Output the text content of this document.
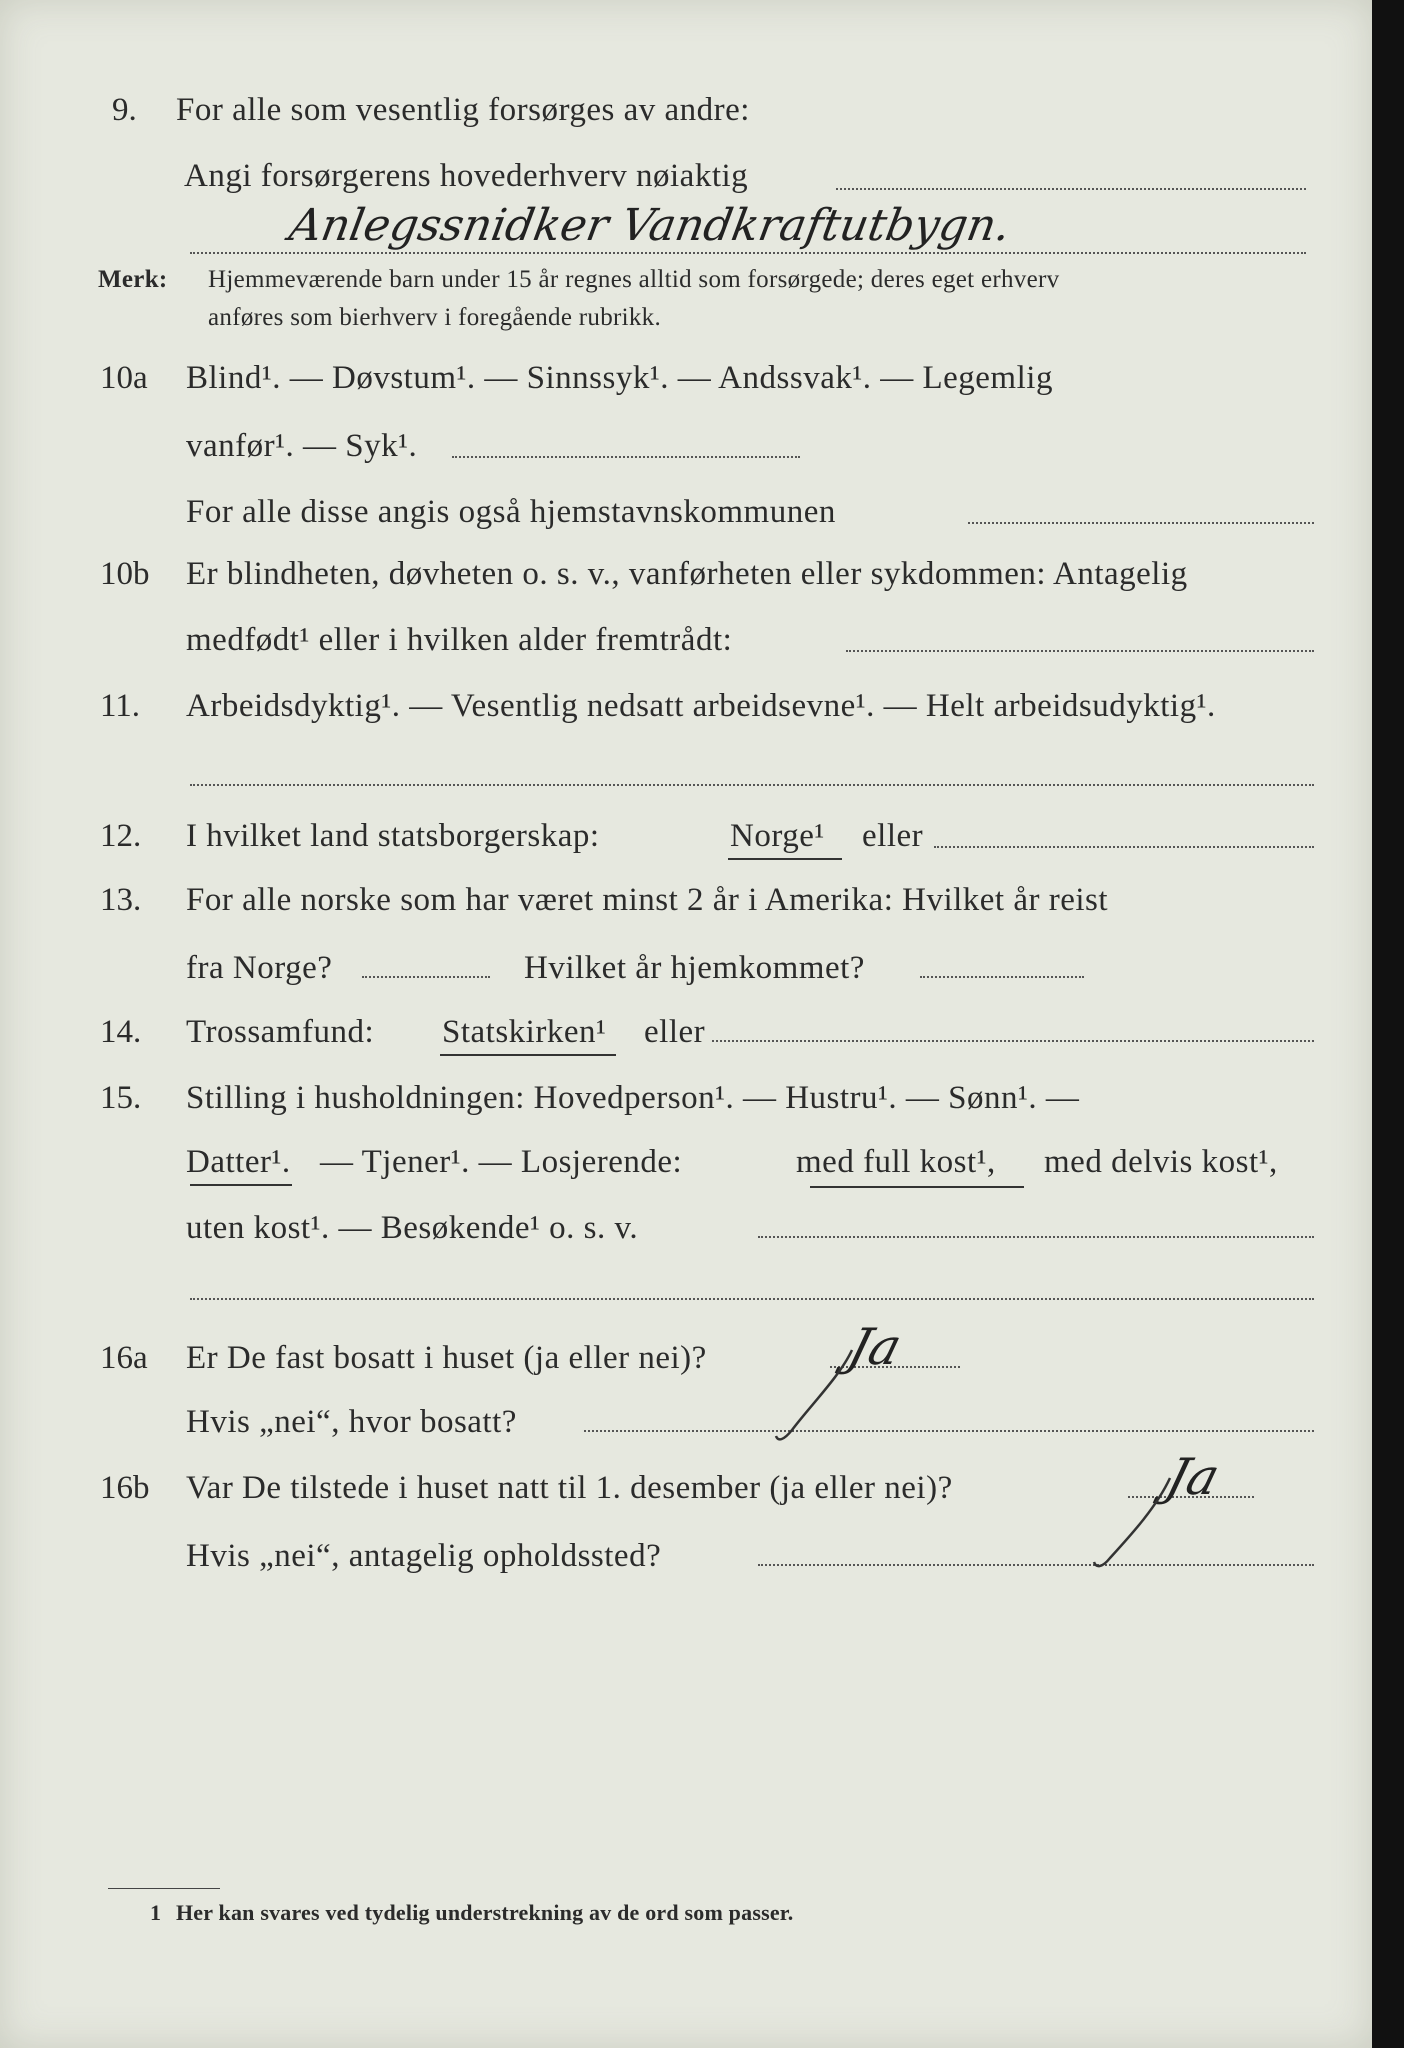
9. For alle som vesentlig forsørges av andre:
Angi forsørgerens hovederhverv nøiaktig
Anlegssnidker Vandkraftutbygn.
Merk: Hjemmeværende barn under 15 år regnes alltid som forsørgede; deres eget erhverv
anføres som bierhverv i foregående rubrikk.
10a Blind¹. — Døvstum¹. — Sinnssyk¹. — Andssvak¹. — Legemlig
vanfør¹. — Syk¹.
For alle disse angis også hjemstavnskommunen
10b Er blindheten, døvheten o. s. v., vanførheten eller sykdommen: Antagelig
medfødt¹ eller i hvilken alder fremtrådt:
11. Arbeidsdyktig¹. — Vesentlig nedsatt arbeidsevne¹. — Helt arbeidsudyktig¹.
12. I hvilket land statsborgerskap:	Norge¹ eller
13. For alle norske som har været minst 2 år i Amerika: Hvilket år reist
fra Norge?	Hvilket år hjemkommet?
14. Trossamfund: Statskirken¹ eller
15. Stilling i husholdningen: Hovedperson¹. — Hustru¹. — Sønn¹. —
Datter¹. — Tjener¹. — Losjerende:	med full kost¹, med delvis kost¹,
uten kost¹. — Besøkende¹ o. s. v.
16a Er De fast bosatt i huset (ja eller nei)?	Ja
Hvis „nei“, hvor bosatt?
16b Var De tilstede i huset natt til 1. desember (ja eller nei)?	Ja
Hvis „nei“, antagelig opholdssted?
1 Her kan svares ved tydelig understrekning av de ord som passer.
